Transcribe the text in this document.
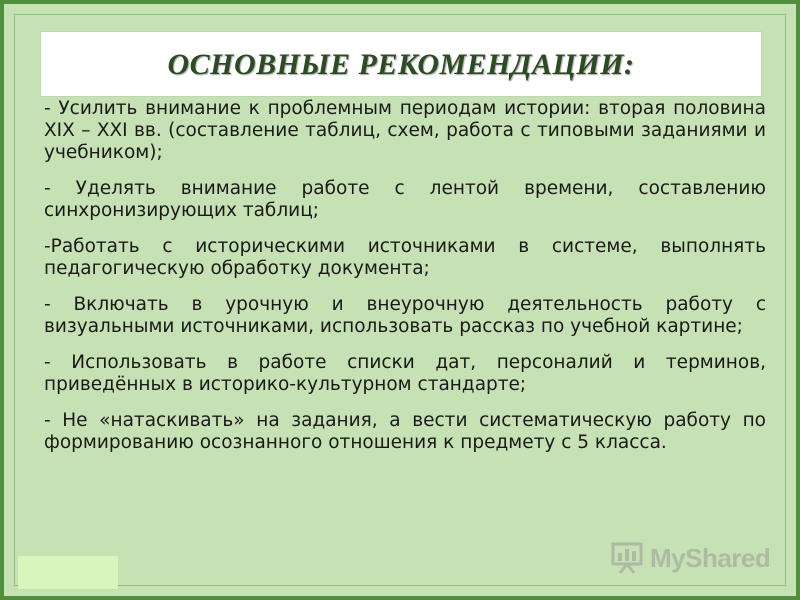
ОСНОВНЫЕ РЕКОМЕНДАЦИИ:
- Усилить внимание к проблемным периодам истории: вторая половина XIX – XXI вв. (составление таблиц, схем, работа с типовыми заданиями и учебником);
- Уделять внимание работе с лентой времени, составлению синхронизирующих таблиц;
-Работать с историческими источниками в системе, выполнять педагогическую обработку документа;
- Включать в урочную и внеурочную деятельность работу с визуальными источниками, использовать рассказ по учебной картине;
- Использовать в работе списки дат, персоналий и терминов, приведённых в историко-культурном стандарте;
- Не «натаскивать» на задания, а вести систематическую работу по формированию осознанного отношения к предмету с 5 класса.
MyShared
